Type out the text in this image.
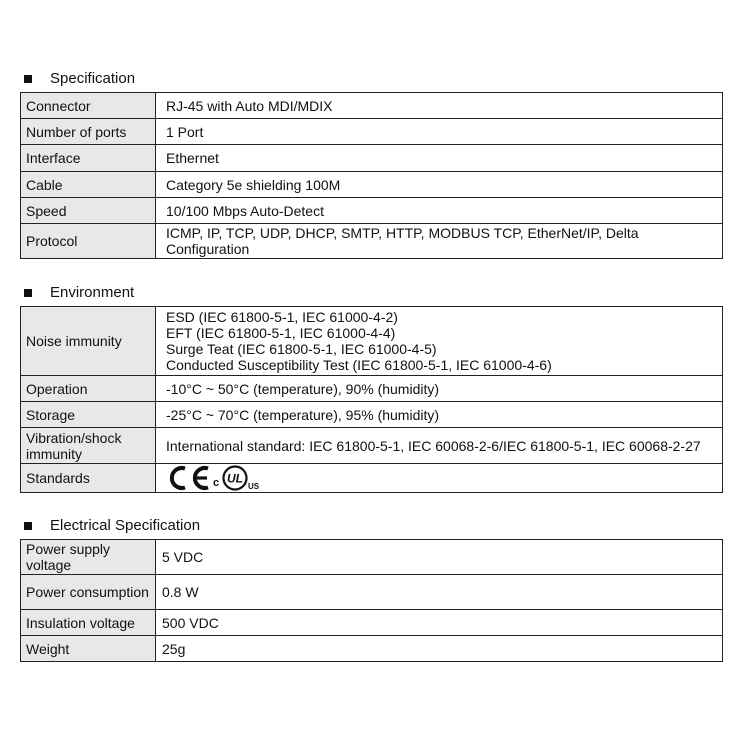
Specification
Connector	RJ-45 with Auto MDI/MDIX
Number of ports	1 Port
Interface	Ethernet
Cable	Category 5e shielding 100M
Speed	10/100 Mbps Auto-Detect
Protocol	ICMP, IP, TCP, UDP, DHCP, SMTP, HTTP, MODBUS TCP, EtherNet/IP, Delta Configuration
Environment
Noise immunity	ESD (IEC 61800-5-1, IEC 61000-4-2)
EFT (IEC 61800-5-1, IEC 61000-4-4)
Surge Teat (IEC 61800-5-1, IEC 61000-4-5)
Conducted Susceptibility Test (IEC 61800-5-1, IEC 61000-4-6)

Operation	-10°C ~ 50°C (temperature), 90% (humidity)
Storage	-25°C ~ 70°C (temperature), 95% (humidity)
Vibration/shock immunity	International standard: IEC 61800-5-1, IEC 60068-2-6/IEC 61800-5-1, IEC 60068-2-27
Standards	c UL
US
Electrical Specification
Power supply voltage	5 VDC
Power consumption	0.8 W
Insulation voltage	500 VDC
Weight	25g
